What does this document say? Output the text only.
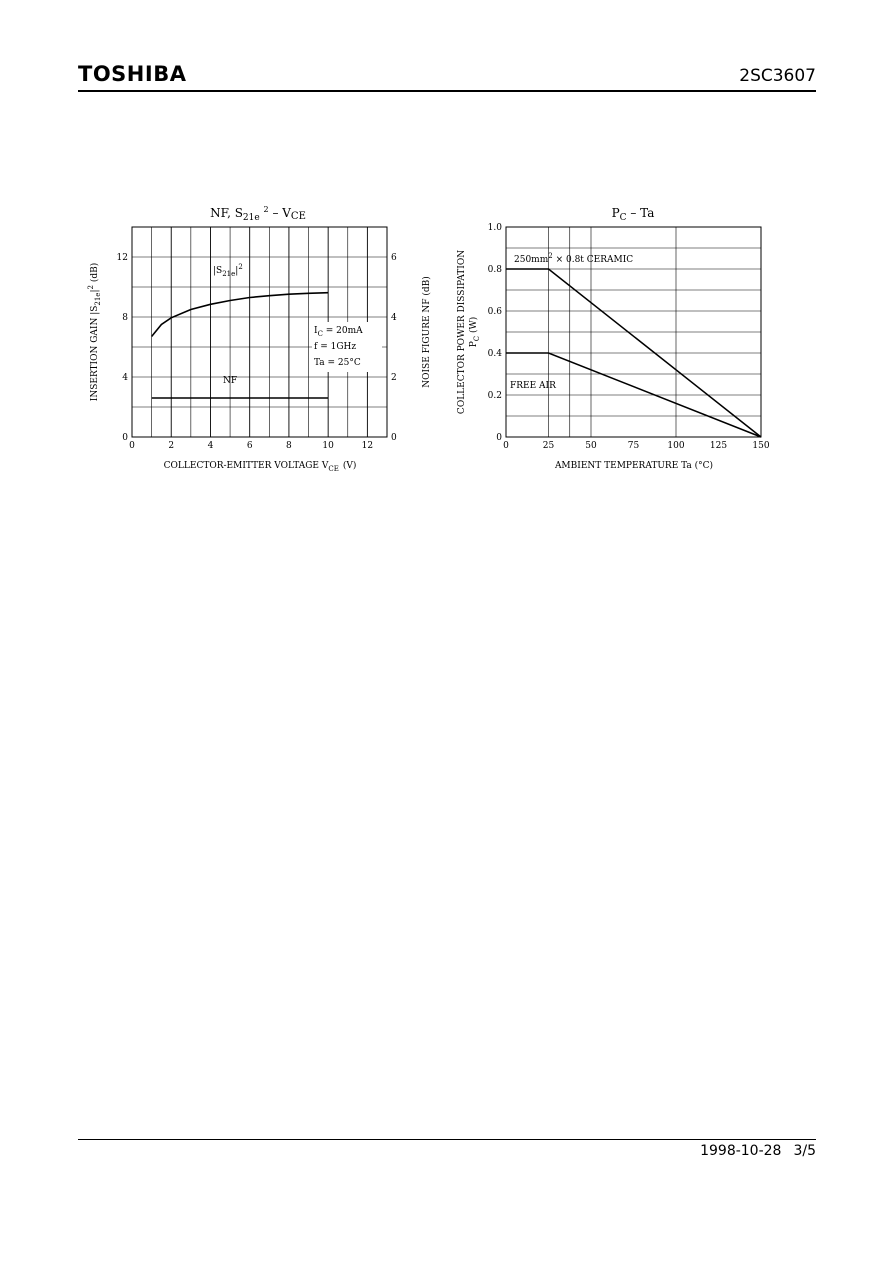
TOSHIBA	2SC3607
NF, $S_{21e}$ $^2$ – VCE
0	2	4	6	8	10	12
0
4
8
12
0
2
4
6
$|S_{21e}|^2$
NF
$I_C = 20mA$
f = 1GHz
Ta = 25°C
INSERTION GAIN $|S_{21e}|^2$ (dB)
NOISE FIGURE NF (dB)
COLLECTOR-EMITTER VOLTAGE $V_{CE}$ (V)
$P_C$ – Ta
0	25	50	75	100	125	150
0
0.2
0.4
0.6
0.8
1.0
$250mm^2 \times 0.8t$ CERAMIC
FREE AIR
COLLECTOR POWER DISSIPATION $P_C$ (W)
AMBIENT TEMPERATURE Ta (°C)
1998-10-28 3/5
